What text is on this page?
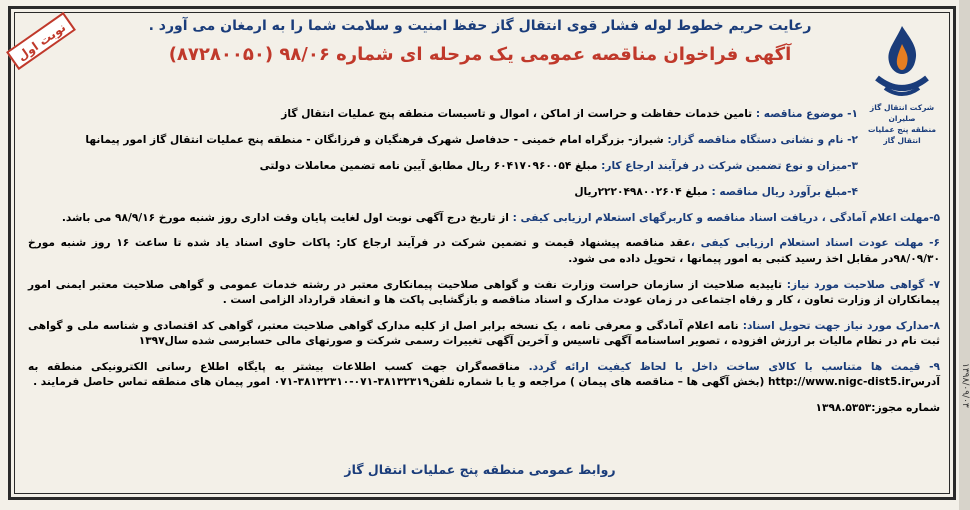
۱۳۹۸/۰۹/۰۳
نوبت اول
شرکت انتقال گاز صلیران
منطقه پنج عملیات انتقال گاز
رعایت حریم خطوط لوله فشار قوی انتقال گاز حفظ امنیت و سلامت شما را به ارمغان می آورد .
آگهی فراخوان مناقصه عمومی یک مرحله ای شماره ۹۸/۰۶ (۸۷۲۸۰۰۵۰)

۱- موضوع مناقصه : تامین خدمات حفاظت و حراست از اماکن ، اموال و تاسیسات منطقه پنج عملیات انتقال گاز

۲- نام و نشانی دستگاه مناقصه گزار: شیراز- بزرگراه امام خمینی - حدفاصل شهرک فرهنگیان و فرزانگان - منطقه پنج عملیات انتقال گاز امور پیمانها

۳-میزان و نوع تضمین شرکت در فرآیند ارجاع کار: مبلغ ۶۰۴۱۷۰۹۶۰۰۵۴ ریال مطابق آیین نامه تضمین معاملات دولتی

۴-مبلغ برآورد ریال مناقصه : مبلغ ۲۲۲۰۴۹۸۰۰۲۶۰۴ریال

۵-مهلت اعلام آمادگی ، دریافت اسناد مناقصه و کاربرگهای استعلام ارزیابی کیفی : از تاریخ درج آگهی نوبت اول لغایت پایان وقت اداری روز شنبه مورخ ۹۸/۹/۱۶ می باشد.

۶- مهلت عودت اسناد استعلام ارزیابی کیفی ،عقد مناقصه پیشنهاد قیمت و تضمین شرکت در فرآیند ارجاع کار: پاکات حاوی اسناد یاد شده تا ساعت ۱۶ روز شنبه مورخ ۹۸/۰۹/۳۰در مقابل اخذ رسید کتبی به امور پیمانها ، تحویل داده می شود.

۷- گواهی صلاحیت مورد نیاز: تاییدیه صلاحیت از سازمان حراست وزارت نفت و گواهی صلاحیت پیمانکاری معتبر در رشته خدمات عمومی و گواهی صلاحیت معتبر ایمنی امور پیمانکاران از وزارت تعاون ، کار و رفاه اجتماعی در زمان عودت مدارک و اسناد مناقصه و بازگشایی پاکت ها و انعقاد قرارداد الزامی است .

۸-مدارک مورد نیاز جهت تحویل اسناد: نامه اعلام آمادگی و معرفی نامه ، یک نسخه برابر اصل از کلیه مدارک گواهی صلاحیت معتبر، گواهی کد اقتصادی و شناسه ملی و گواهی ثبت نام در نظام مالیات بر ارزش افزوده ، تصویر اساسنامه آگهی تاسیس و آخرین آگهی تغییرات رسمی شرکت و صورتهای مالی حسابرسی شده سال۱۳۹۷

۹- قیمت ها متناسب با کالای ساخت داخل با لحاظ کیفیت ارائه گردد. مناقصه‌گران جهت کسب اطلاعات بیشتر به پایگاه اطلاع رسانی الکترونیکی منطقه به آدرسhttp://www.nigc-dist5.ir (بخش آگهی ها – مناقصه های پیمان ) مراجعه و یا با شماره تلفن۳۸۱۳۲۳۱۹-۰۷۱-۳۸۱۳۲۳۱۰-۰۷۱ امور پیمان های منطقه تماس حاصل فرمایند .

شماره مجوز:۱۳۹۸.۵۳۵۳

روابط عمومی منطقه پنج عملیات انتقال گاز
